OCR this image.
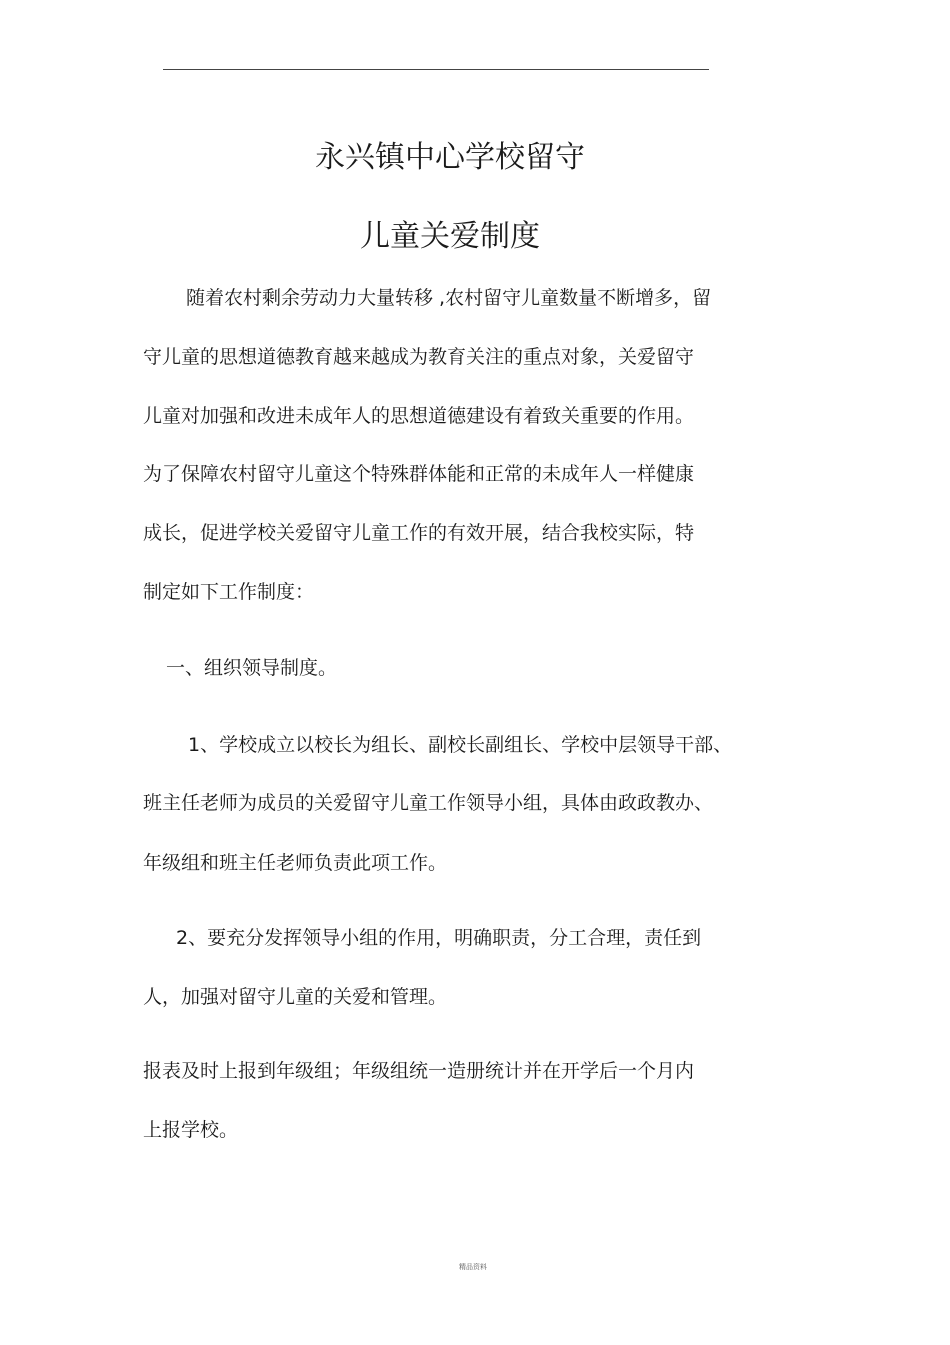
永兴镇中心学校留守
儿童关爱制度

随着农村剩余劳动力大量转移 ,农村留守儿童数量不断增多，留

守儿童的思想道德教育越来越成为教育关注的重点对象，关爱留守

儿童对加强和改进未成年人的思想道德建设有着致关重要的作用。

为了保障农村留守儿童这个特殊群体能和正常的未成年人一样健康

成长，促进学校关爱留守儿童工作的有效开展，结合我校实际，特

制定如下工作制度：

一、组织领导制度。

1、学校成立以校长为组长、副校长副组长、学校中层领导干部、

班主任老师为成员的关爱留守儿童工作领导小组，具体由政政教办、

年级组和班主任老师负责此项工作。

2、要充分发挥领导小组的作用，明确职责，分工合理，责任到

人，加强对留守儿童的关爱和管理。

报表及时上报到年级组；年级组统一造册统计并在开学后一个月内

上报学校。

精品资料
